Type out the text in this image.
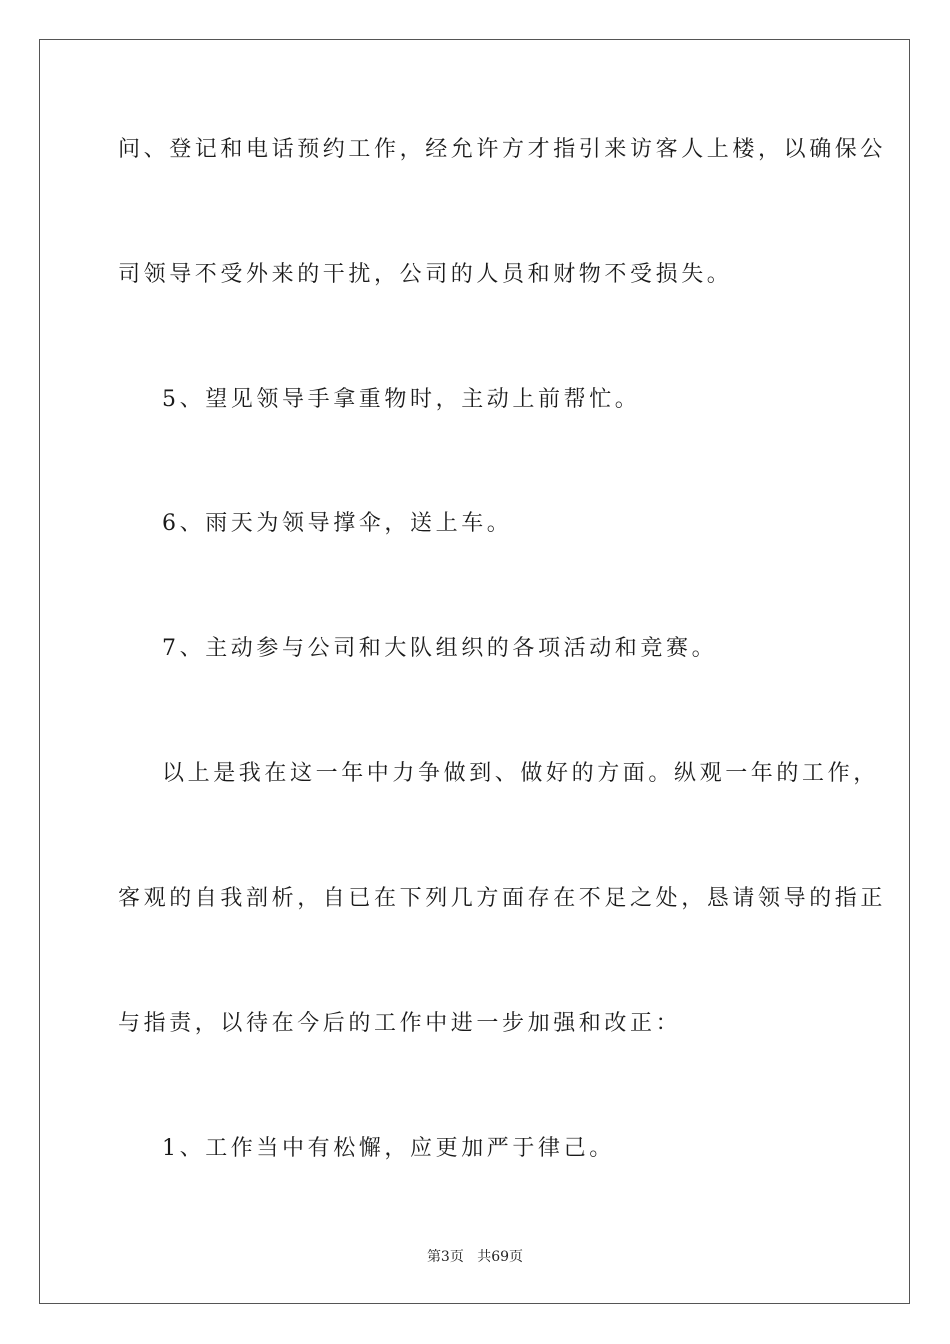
问、登记和电话预约工作，经允许方才指引来访客人上楼，以确保公
司领导不受外来的干扰，公司的人员和财物不受损失。
5、望见领导手拿重物时，主动上前帮忙。
6、雨天为领导撑伞，送上车。
7、主动参与公司和大队组织的各项活动和竞赛。
以上是我在这一年中力争做到、做好的方面。纵观一年的工作，
客观的自我剖析，自已在下列几方面存在不足之处，恳请领导的指正
与指责，以待在今后的工作中进一步加强和改正：
1、工作当中有松懈，应更加严于律己。
第3页 共69页
